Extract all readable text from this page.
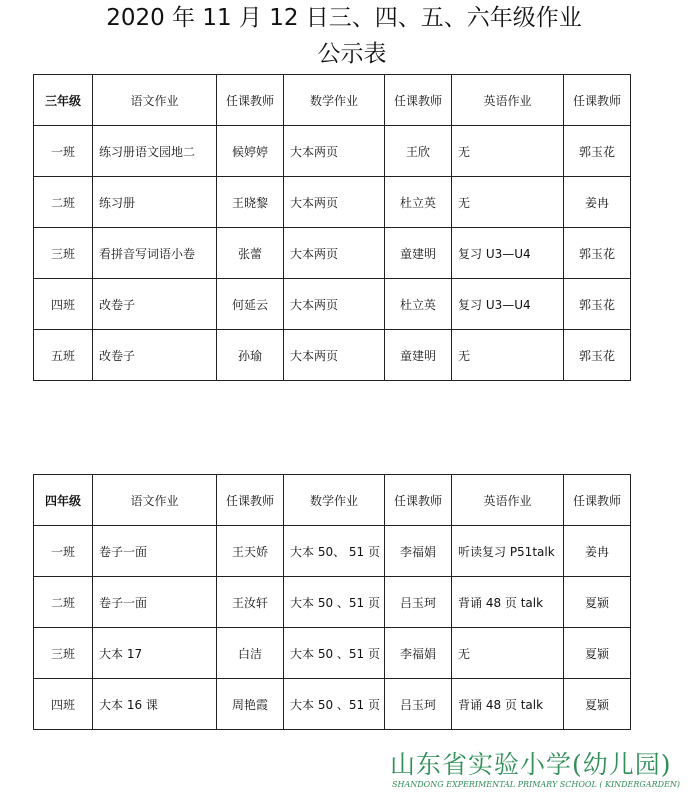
2020 年 11 月 12 日三、四、五、六年级作业
公示表
三年级	语文作业	任课教师	数学作业	任课教师	英语作业	任课教师
一班	练习册语文园地二	候婷婷	大本两页	王欣	无	郭玉花
二班	练习册	王晓黎	大本两页	杜立英	无	姜冉
三班	看拼音写词语小卷	张蕾	大本两页	童建明	复习 U3—U4	郭玉花
四班	改卷子	何延云	大本两页	杜立英	复习 U3—U4	郭玉花
五班	改卷子	孙瑜	大本两页	童建明	无	郭玉花
四年级	语文作业	任课教师	数学作业	任课教师	英语作业	任课教师
一班	卷子一面	王天娇	大本 50、 51 页	李福娟	听读复习 P51talk	姜冉
二班	卷子一面	王汝轩	大本 50 、51 页	吕玉珂	背诵 48 页 talk	夏颍
三班	大本 17	白洁	大本 50 、51 页	李福娟	无	夏颍
四班	大本 16 课	周艳霞	大本 50 、51 页	吕玉珂	背诵 48 页 talk	夏颍
山东省实验小学(幼儿园)
SHANDONG EXPERIMENTAL PRIMARY SCHOOL ( KINDERGARDEN)
